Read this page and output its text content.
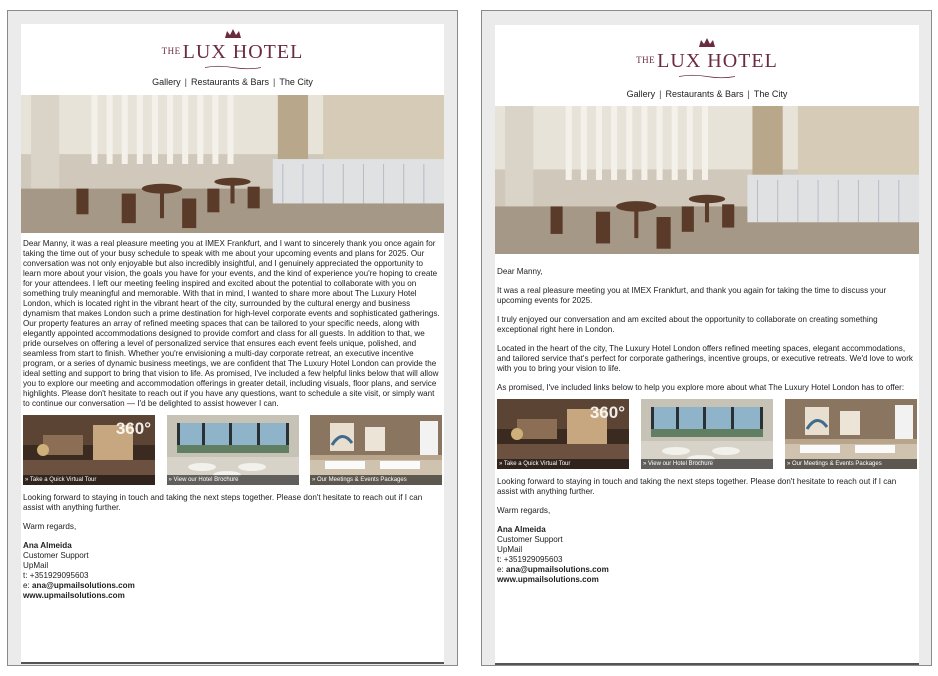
$^{THE}$ LUX HOTEL
Gallery | Restaurants & Bars | The City

Dear Manny, it was a real pleasure meeting you at IMEX Frankfurt, and I want to sincerely thank you once again for taking the time out of your busy schedule to speak with me about your upcoming events and plans for 2025. Our conversation was not only enjoyable but also incredibly insightful, and I genuinely appreciated the opportunity to learn more about your vision, the goals you have for your events, and the kind of experience you're hoping to create for your attendees. I left our meeting feeling inspired and excited about the potential to collaborate with you on something truly meaningful and memorable. With that in mind, I wanted to share more about The Luxury Hotel London, which is located right in the vibrant heart of the city, surrounded by the cultural energy and business dynamism that makes London such a prime destination for high-level corporate events and sophisticated gatherings. Our property features an array of refined meeting spaces that can be tailored to your specific needs, along with elegantly appointed accommodations designed to provide comfort and class for all guests. In addition to that, we pride ourselves on offering a level of personalized service that ensures each event feels unique, polished, and seamless from start to finish. Whether you're envisioning a multi-day corporate retreat, an executive incentive program, or a series of dynamic business meetings, we are confident that The Luxury Hotel London can provide the ideal setting and support to bring that vision to life. As promised, I've included a few helpful links below that will allow you to explore our meeting and accommodation offerings in greater detail, including visuals, floor plans, and service highlights. Please don't hesitate to reach out if you have any questions, want to schedule a site visit, or simply want to continue our conversation — I'd be delighted to assist however I can.

360°
» Take a Quick Virtual Tour	» View our Hotel Brochure	» Our Meetings & Events Packages

Looking forward to staying in touch and taking the next steps together. Please don't hesitate to reach out if I can assist with anything further.

Warm regards,

Ana Almeida
Customer Support
UpMail
t: +351929095603
e: ana@upmailsolutions.com
www.upmailsolutions.com
$^{THE}$ LUX HOTEL
Gallery | Restaurants & Bars | The City

Dear Manny,

It was a real pleasure meeting you at IMEX Frankfurt, and thank you again for taking the time to discuss your upcoming events for 2025.

I truly enjoyed our conversation and am excited about the opportunity to collaborate on creating something exceptional right here in London.

Located in the heart of the city, The Luxury Hotel London offers refined meeting spaces, elegant accommodations, and tailored service that's perfect for corporate gatherings, incentive groups, or executive retreats. We'd love to work with you to bring your vision to life.

As promised, I've included links below to help you explore more about what The Luxury Hotel London has to offer:

360°
» Take a Quick Virtual Tour	» View our Hotel Brochure	» Our Meetings & Events Packages

Looking forward to staying in touch and taking the next steps together. Please don't hesitate to reach out if I can assist with anything further.

Warm regards,

Ana Almeida
Customer Support
UpMail
t: +351929095603
e: ana@upmailsolutions.com
www.upmailsolutions.com
